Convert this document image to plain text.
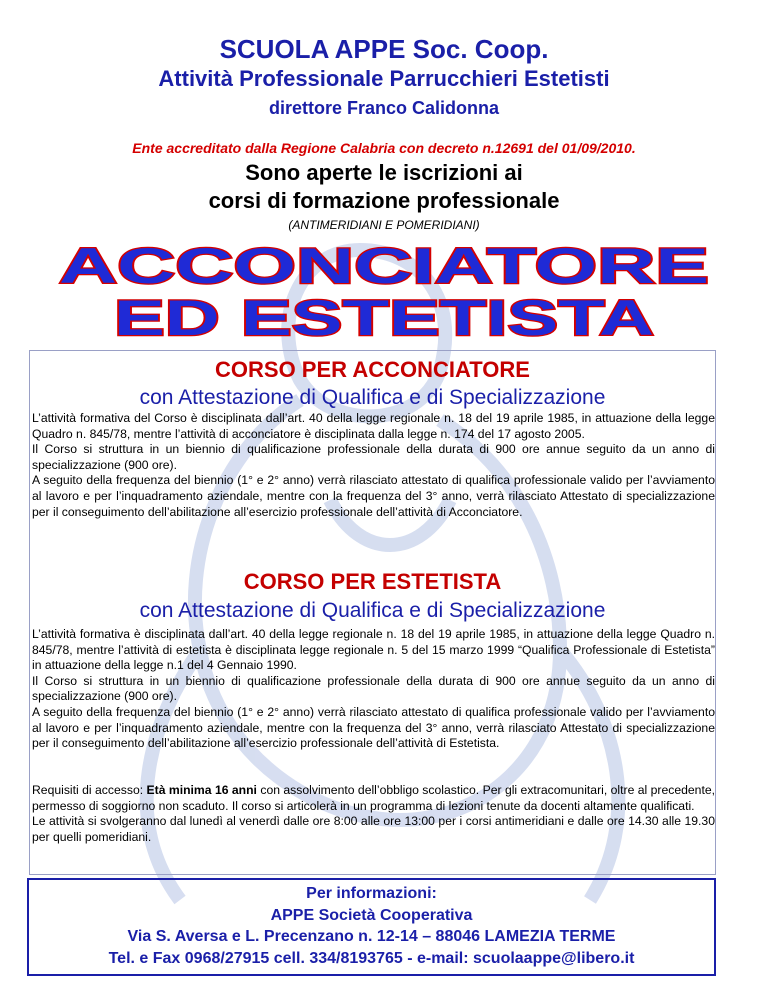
SCUOLA APPE Soc. Coop.
Attività Professionale Parrucchieri Estetisti
direttore Franco Calidonna
Ente accreditato dalla Regione Calabria con decreto n.12691 del 01/09/2010.
Sono aperte le iscrizioni ai
corsi di formazione professionale
(ANTIMERIDIANI E POMERIDIANI)
ACCONCIATORE
ED ESTETISTA
CORSO PER ACCONCIATORE
con Attestazione di Qualifica e di Specializzazione

L’attività formativa del Corso è disciplinata dall’art. 40 della legge regionale n. 18 del 19 aprile 1985, in attuazione della legge Quadro n. 845/78, mentre l’attività di acconciatore è disciplinata dalla legge n. 174 del 17 agosto 2005.

Il Corso si struttura in un biennio di qualificazione professionale della durata di 900 ore annue seguito da un anno di specializzazione (900 ore).

A seguito della frequenza del biennio (1° e 2° anno) verrà rilasciato attestato di qualifica professionale valido per l’avviamento al lavoro e per l’inquadramento aziendale, mentre con la frequenza del 3° anno, verrà rilasciato Attestato di specializzazione per il conseguimento dell’abilitazione all’esercizio professionale dell’attività di Acconciatore.

CORSO PER ESTETISTA
con Attestazione di Qualifica e di Specializzazione

L’attività formativa è disciplinata dall’art. 40 della legge regionale n. 18 del 19 aprile 1985, in attuazione della legge Quadro n. 845/78, mentre l’attività di estetista è disciplinata legge regionale n. 5 del 15 marzo 1999 “Qualifica Professionale di Estetista” in attuazione della legge n.1 del 4 Gennaio 1990.

Il Corso si struttura in un biennio di qualificazione professionale della durata di 900 ore annue seguito da un anno di specializzazione (900 ore).

A seguito della frequenza del biennio (1° e 2° anno) verrà rilasciato attestato di qualifica professionale valido per l’avviamento al lavoro e per l’inquadramento aziendale, mentre con la frequenza del 3° anno, verrà rilasciato Attestato di specializzazione per il conseguimento dell’abilitazione all’esercizio professionale dell’attività di Estetista.

Requisiti di accesso: Età minima 16 anni con assolvimento dell’obbligo scolastico. Per gli extracomunitari, oltre al precedente, permesso di soggiorno non scaduto. Il corso si articolerà in un programma di lezioni tenute da docenti altamente qualificati.

Le attività si svolgeranno dal lunedì al venerdì dalle ore 8:00 alle ore 13:00 per i corsi antimeridiani e dalle ore 14.30 alle 19.30 per quelli pomeridiani.

Per informazioni:
APPE Società Cooperativa
Via S. Aversa e L. Precenzano n. 12-14 – 88046 LAMEZIA TERME
Tel. e Fax 0968/27915 cell. 334/8193765 - e-mail: scuolaappe@libero.it
